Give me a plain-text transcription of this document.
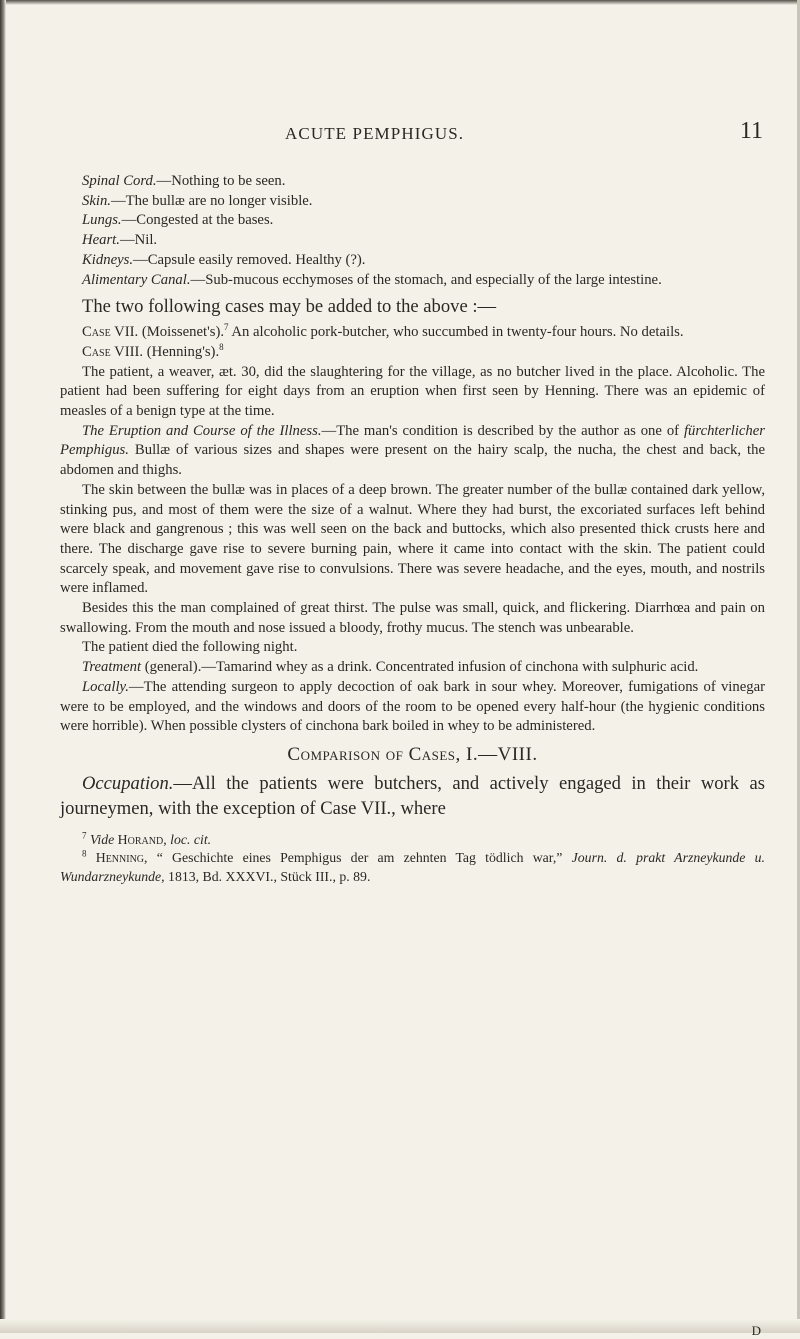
ACUTE PEMPHIGUS.	11

Spinal Cord.—Nothing to be seen.

Skin.—The bullæ are no longer visible.

Lungs.—Congested at the bases.

Heart.—Nil.

Kidneys.—Capsule easily removed. Healthy (?).

Alimentary Canal.—Sub-mucous ecchymoses of the stomach, and especially of the large intestine.

The two following cases may be added to the above :—

Case VII. (Moissenet's).$^7$ An alcoholic pork-butcher, who succumbed in twenty-four hours. No details.

Case VIII. (Henning's).$^8$

The patient, a weaver, æt. 30, did the slaughtering for the village, as no butcher lived in the place. Alcoholic. The patient had been suffering for eight days from an eruption when first seen by Henning. There was an epidemic of measles of a benign type at the time.

The Eruption and Course of the Illness.—The man's condition is described by the author as one of fürchterlicher Pemphigus. Bullæ of various sizes and shapes were present on the hairy scalp, the nucha, the chest and back, the abdomen and thighs.

The skin between the bullæ was in places of a deep brown. The greater number of the bullæ contained dark yellow, stinking pus, and most of them were the size of a walnut. Where they had burst, the excoriated surfaces left behind were black and gangrenous ; this was well seen on the back and buttocks, which also presented thick crusts here and there. The discharge gave rise to severe burning pain, where it came into contact with the skin. The patient could scarcely speak, and movement gave rise to convulsions. There was severe headache, and the eyes, mouth, and nostrils were inflamed.

Besides this the man complained of great thirst. The pulse was small, quick, and flickering. Diarrhœa and pain on swallowing. From the mouth and nose issued a bloody, frothy mucus. The stench was unbearable.

The patient died the following night.

Treatment (general).—Tamarind whey as a drink. Concentrated infusion of cinchona with sulphuric acid.

Locally.—The attending surgeon to apply decoction of oak bark in sour whey. Moreover, fumigations of vinegar were to be employed, and the windows and doors of the room to be opened every half-hour (the hygienic conditions were horrible). When possible clysters of cinchona bark boiled in whey to be administered.

Comparison of Cases, I.—VIII.

Occupation.—All the patients were butchers, and actively engaged in their work as journeymen, with the exception of Case VII., where

$^7$ Vide Horand, loc. cit.

$^8$ Henning, “ Geschichte eines Pemphigus der am zehnten Tag tödlich war,” Journ. d. prakt Arzneykunde u. Wundarzneykunde, 1813, Bd. XXXVI., Stück III., p. 89.

D
